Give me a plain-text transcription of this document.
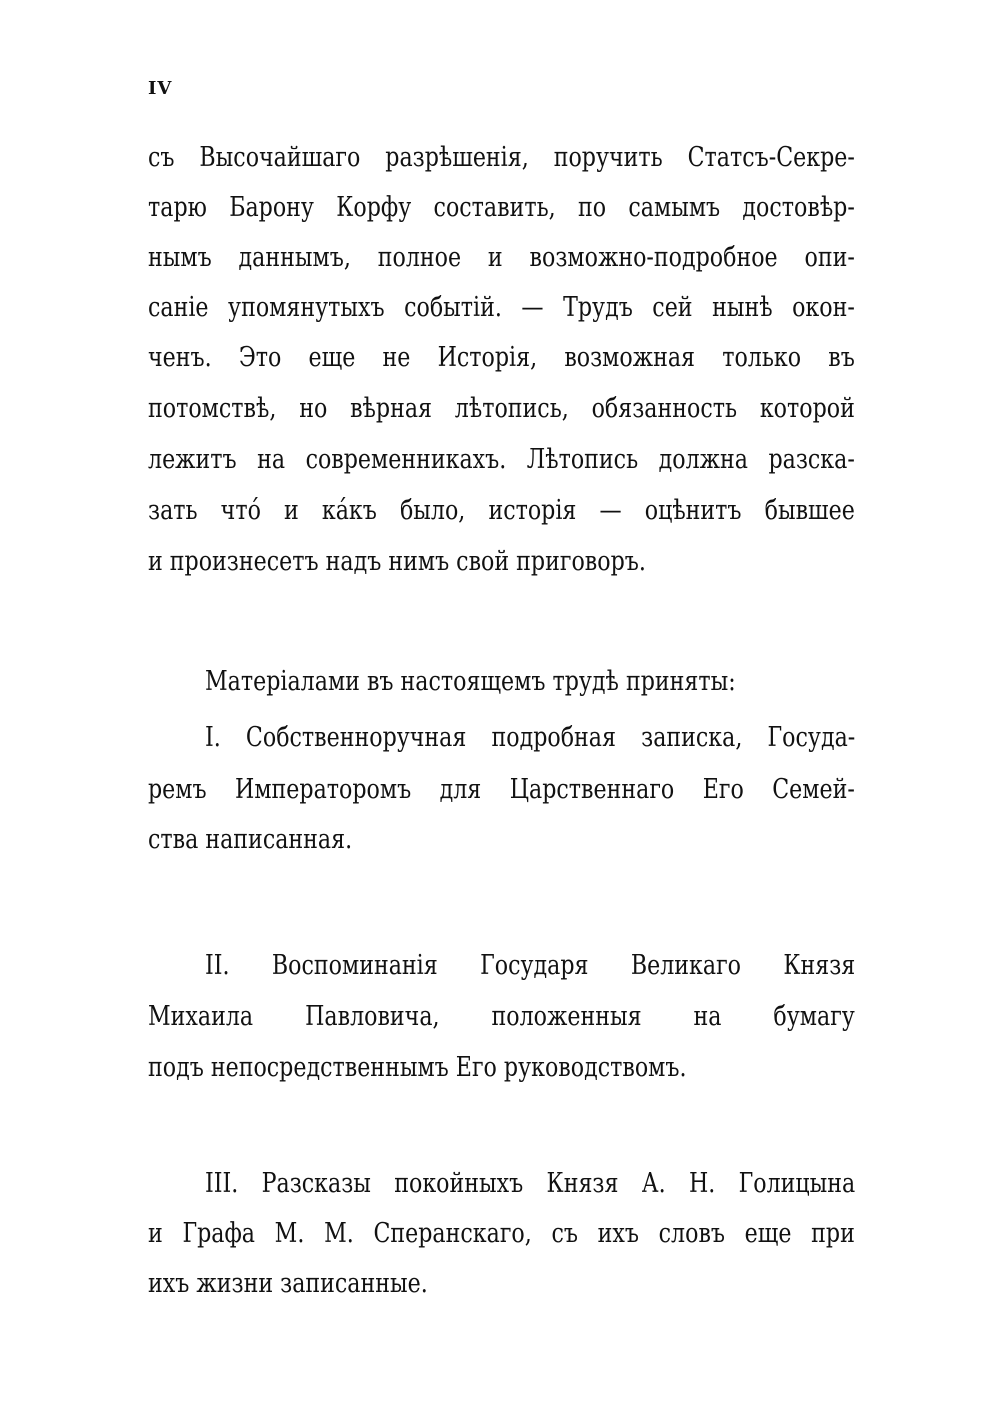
IV
съ Высочайшаго разрѣшенія, поручить Статсъ-Секре-
тарю Барону Корфу составить, по самымъ достовѣр-
нымъ даннымъ, полное и возможно-подробное опи-
саніе упомянутыхъ событій. — Трудъ сей нынѣ окон-
ченъ. Это еще не Исторія, возможная только въ
потомствѣ, но вѣрная лѣтопись, обязанность которой
лежитъ на современникахъ. Лѣтопись должна разска-
зать что́ и ка́къ было, исторія — оцѣнитъ бывшее
и произнесетъ надъ нимъ свой приговоръ.
Матеріалами въ настоящемъ трудѣ приняты:
I. Собственноручная подробная записка, Госуда-
ремъ Императоромъ для Царственнаго Его Семей-
ства написанная.
II. Воспоминанія Государя Великаго Князя
Михаила Павловича, положенныя на бумагу
подъ непосредственнымъ Его руководствомъ.
III. Разсказы покойныхъ Князя А. Н. Голицына
и Графа М. М. Сперанскаго, съ ихъ словъ еще при
ихъ жизни записанные.
